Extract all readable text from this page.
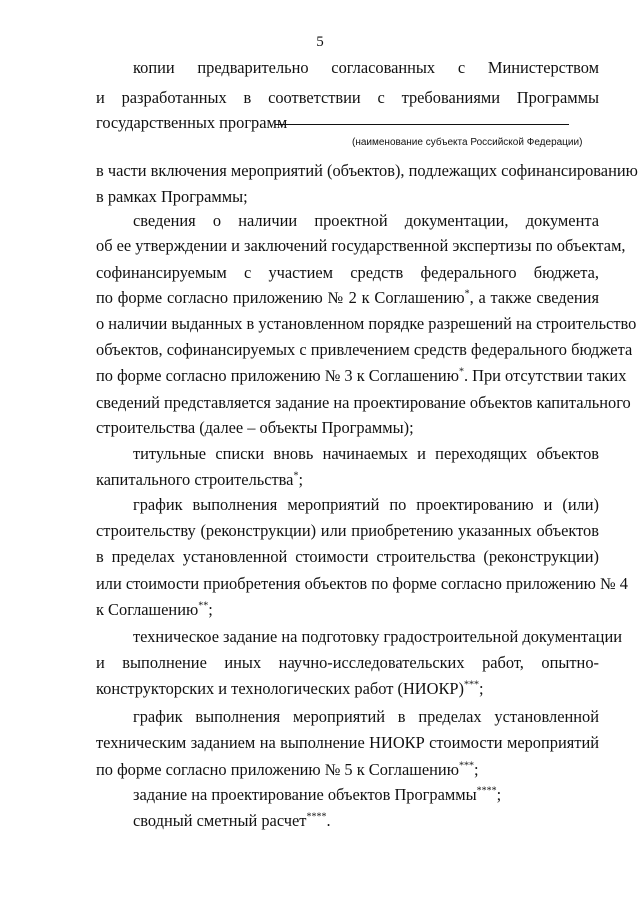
5
копии предварительно согласованных с Министерством
и разработанных в соответствии с требованиями Программы
государственных программ
(наименование субъекта Российской Федерации)
в части включения мероприятий (объектов), подлежащих софинансированию
в рамках Программы;
сведения о наличии проектной документации, документа
об ее утверждении и заключений государственной экспертизы по объектам,
софинансируемым с участием средств федерального бюджета,
по форме согласно приложению № 2 к Соглашению*, а также сведения
о наличии выданных в установленном порядке разрешений на строительство
объектов, софинансируемых с привлечением средств федерального бюджета
по форме согласно приложению № 3 к Соглашению*. При отсутствии таких
сведений представляется задание на проектирование объектов капитального
строительства (далее – объекты Программы);
титульные списки вновь начинаемых и переходящих объектов
капитального строительства*;
график выполнения мероприятий по проектированию и (или)
строительству (реконструкции) или приобретению указанных объектов
в пределах установленной стоимости строительства (реконструкции)
или стоимости приобретения объектов по форме согласно приложению № 4
к Соглашению**;
техническое задание на подготовку градостроительной документации
и выполнение иных научно-исследовательских работ, опытно-
конструкторских и технологических работ (НИОКР)***;
график выполнения мероприятий в пределах установленной
техническим заданием на выполнение НИОКР стоимости мероприятий
по форме согласно приложению № 5 к Соглашению***;
задание на проектирование объектов Программы****;
сводный сметный расчет****.
